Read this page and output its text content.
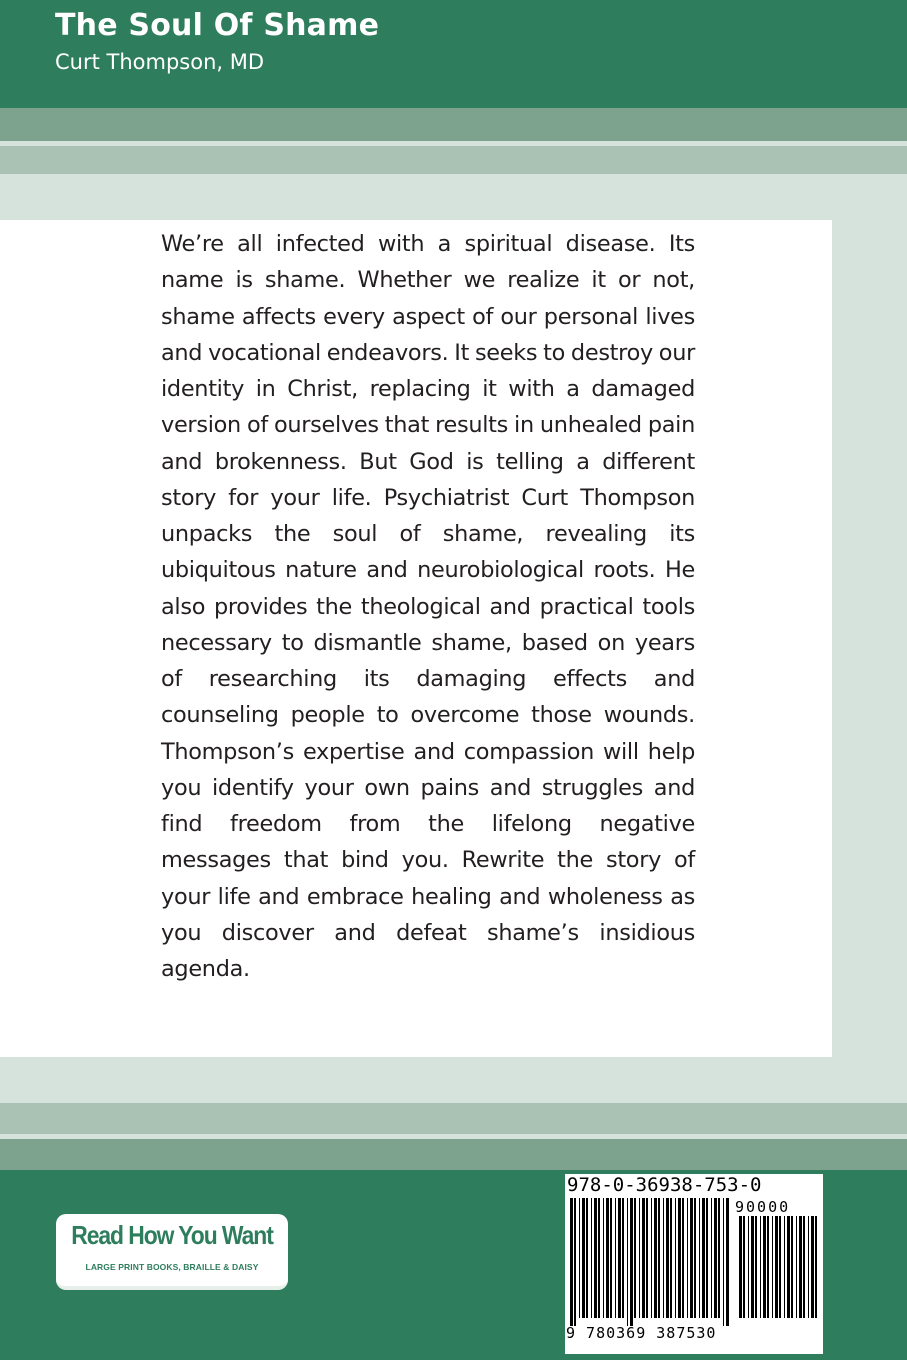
The Soul Of Shame
Curt Thompson, MD

We’re all infected with a spiritual disease. Its name is shame. Whether we realize it or not, shame affects every aspect of our personal lives and vocational endeavors. It seeks to destroy our identity in Christ, replacing it with a damaged version of ourselves that results in unhealed pain and brokenness. But God is telling a different story for your life. Psychiatrist Curt Thompson unpacks the soul of shame, revealing its ubiquitous nature and neurobiological roots. He also provides the theological and practical tools necessary to dismantle shame, based on years of researching its damaging effects and counseling people to overcome those wounds. Thompson’s expertise and compassion will help you identify your own pains and struggles and find freedom from the lifelong negative messages that bind you. Rewrite the story of your life and embrace healing and wholeness as you discover and defeat shame’s insidious agenda.

Read How You Want
LARGE PRINT BOOKS, BRAILLE & DAISY
978-0-36938-753-0
90000
9 780369 387530
